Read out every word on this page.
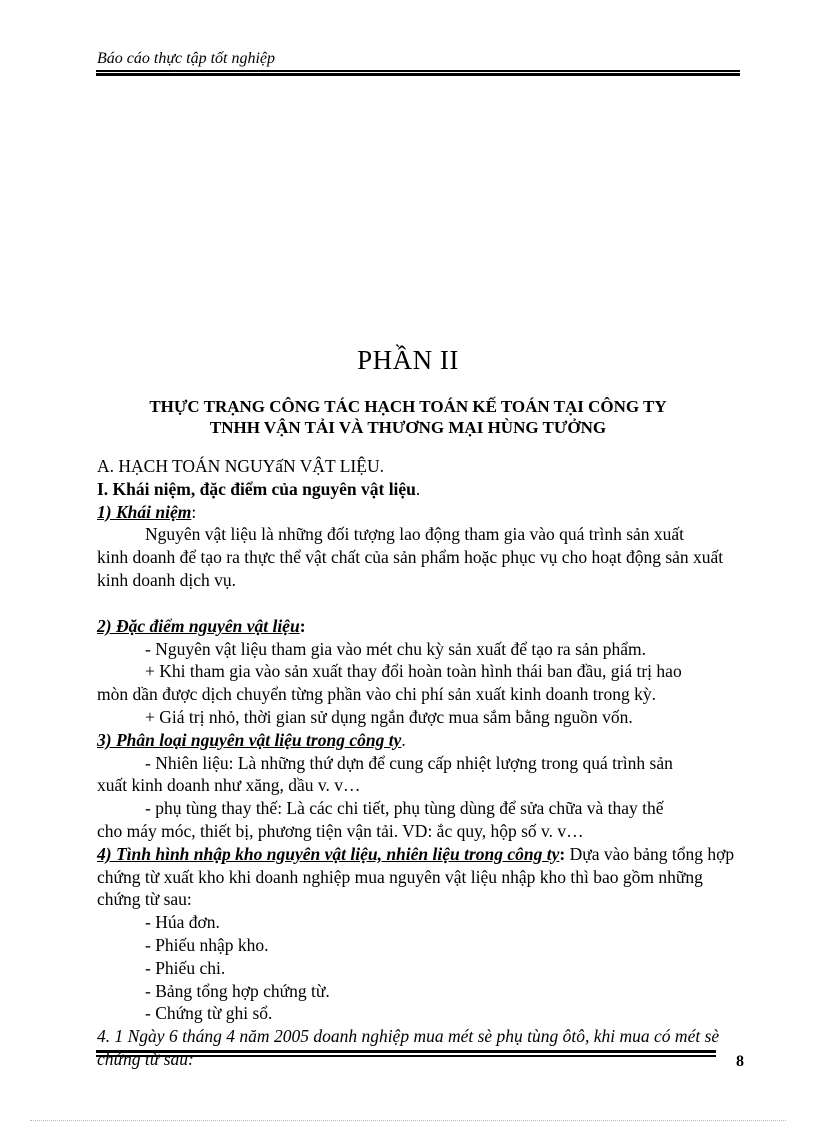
Báo cáo thực tập tốt nghiệp
PHẦN II
THỰC TRẠNG CÔNG TÁC HẠCH TOÁN KẾ TOÁN TẠI CÔNG TY
TNHH VẬN TẢI VÀ THƯƠNG MẠI HÙNG TƯỞNG

A. HẠCH TOÁN NGUYấN VẬT LIỆU.

I. Khái niệm, đặc điểm của nguyên vật liệu.

1) Khái niệm:

Nguyên vật liệu là những đối tượng lao động tham gia vào quá trình sản xuất

kinh doanh để tạo ra thực thể vật chất của sản phẩm hoặc phục vụ cho hoạt động sản xuất kinh doanh dịch vụ.

2) Đặc điểm nguyên vật liệu:

- Nguyên vật liệu tham gia vào mét chu kỳ sản xuất để tạo ra sản phẩm.

+ Khi tham gia vào sản xuất thay đổi hoàn toàn hình thái ban đầu, giá trị hao

mòn dần được dịch chuyển từng phần vào chi phí sản xuất kinh doanh trong kỳ.

+ Giá trị nhỏ, thời gian sử dụng ngắn được mua sắm bằng nguồn vốn.

3) Phân loại nguyên vật liệu trong công ty.

- Nhiên liệu: Là những thứ dựn để cung cấp nhiệt lượng trong quá trình sản

xuất kinh doanh như xăng, dầu v. v…

- phụ tùng thay thế: Là các chi tiết, phụ tùng dùng để sửa chữa và thay thế

cho máy móc, thiết bị, phương tiện vận tải. VD: ắc quy, hộp số v. v…

4) Tình hình nhập kho nguyên vật liệu, nhiên liệu trong công ty: Dựa vào bảng tổng hợp chứng từ xuất kho khi doanh nghiệp mua nguyên vật liệu nhập kho thì bao gồm những chứng từ sau:

- Húa đơn.

- Phiếu nhập kho.

- Phiếu chi.

- Bảng tổng hợp chứng từ.

- Chứng từ ghi sổ.

4. 1 Ngày 6 tháng 4 năm 2005 doanh nghiệp mua mét sè phụ tùng ôtô, khi mua có mét sè chứng từ sau:	8
